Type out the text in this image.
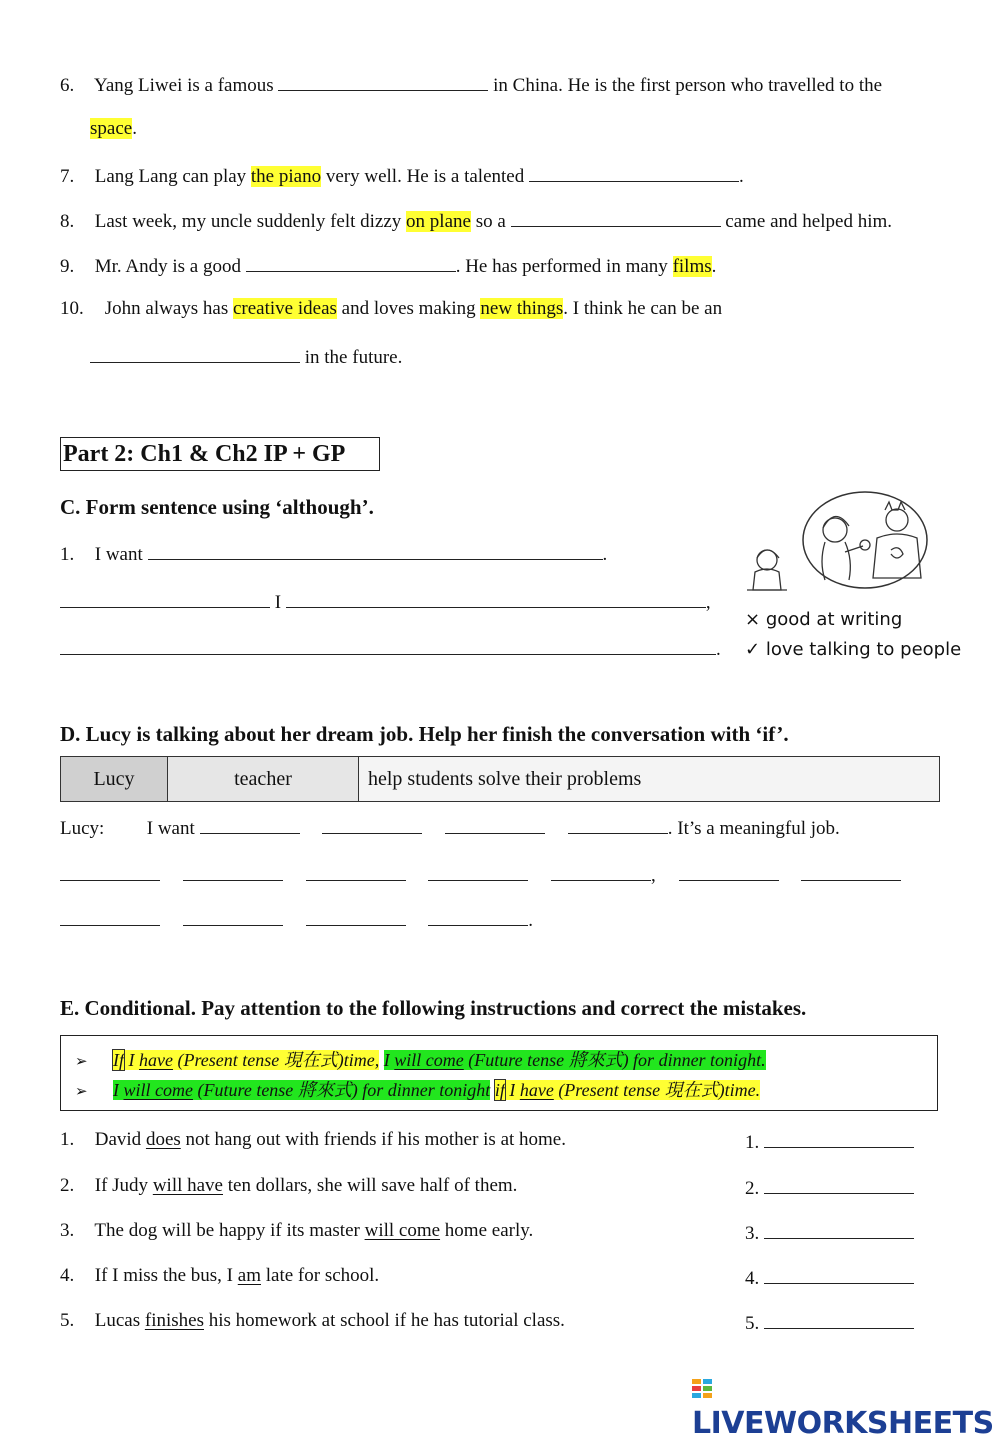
6. Yang Liwei is a famous	in China. He is the first person who travelled to the
space.
7. Lang Lang can play the piano very well. He is a talented	.
8. Last week, my uncle suddenly felt dizzy on plane so a	came and helped him.
9. Mr. Andy is a good	. He has performed in many films.
10. John always has creative ideas and loves making new things. I think he can be an
in the future.
Part 2: Ch1 & Ch2 IP + GP
C. Form sentence using ‘although’.
1. I want	.
I	,
.
× good at writing
✓ love talking to people
D. Lucy is talking about her dream job. Help her finish the conversation with ‘if’.
Lucy	teacher	help students solve their problems
Lucy: I want	. It’s a meaningful job.
,
.
E. Conditional. Pay attention to the following instructions and correct the mistakes.
➢ If I have (Present tense 現在式)time, I will come (Future tense 將來式) for dinner tonight.
➢ I will come (Future tense 將來式) for dinner tonight if I have (Present tense 現在式)time.
1. David does not hang out with friends if his mother is at home.	1.
2. If Judy will have ten dollars, she will save half of them.	2.
3. The dog will be happy if its master will come home early.	3.
4. If I miss the bus, I am late for school.	4.
5. Lucas finishes his homework at school if he has tutorial class.	5.
LIVEWORKSHEETS
